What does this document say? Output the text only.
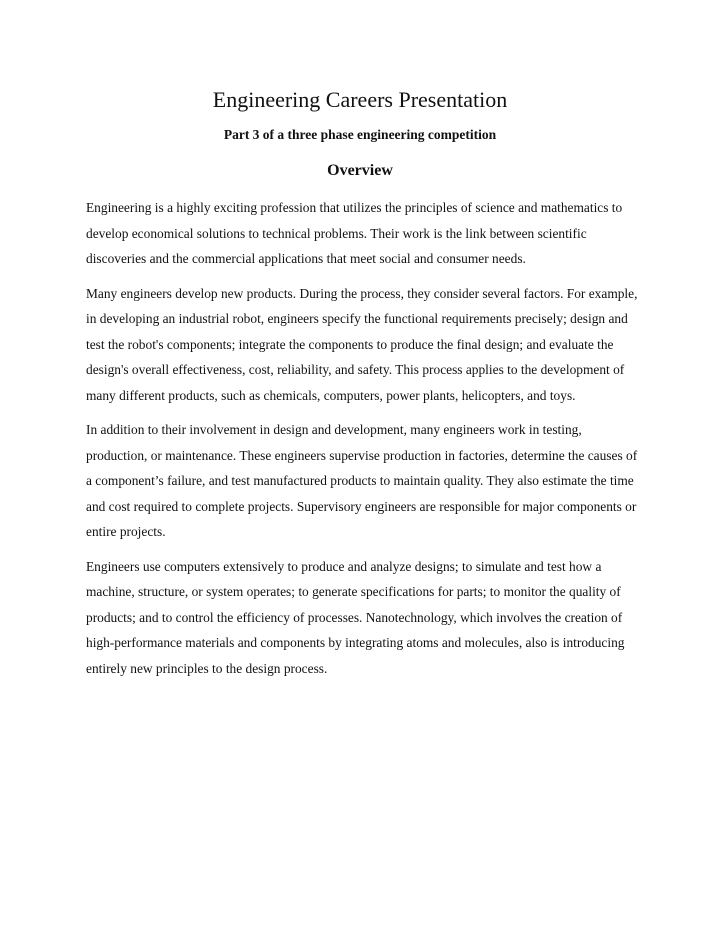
Engineering Careers Presentation

Part 3 of a three phase engineering competition

Overview

Engineering is a highly exciting profession that utilizes the principles of science and mathematics to develop economical solutions to technical problems. Their work is the link between scientific discoveries and the commercial applications that meet social and consumer needs.

Many engineers develop new products. During the process, they consider several factors. For example, in developing an industrial robot, engineers specify the functional requirements precisely; design and test the robot's components; integrate the components to produce the final design; and evaluate the design's overall effectiveness, cost, reliability, and safety. This process applies to the development of many different products, such as chemicals, computers, power plants, helicopters, and toys.

In addition to their involvement in design and development, many engineers work in testing, production, or maintenance. These engineers supervise production in factories, determine the causes of a component’s failure, and test manufactured products to maintain quality. They also estimate the time and cost required to complete projects. Supervisory engineers are responsible for major components or entire projects.

Engineers use computers extensively to produce and analyze designs; to simulate and test how a machine, structure, or system operates; to generate specifications for parts; to monitor the quality of products; and to control the efficiency of processes. Nanotechnology, which involves the creation of high-performance materials and components by integrating atoms and molecules, also is introducing entirely new principles to the design process.
